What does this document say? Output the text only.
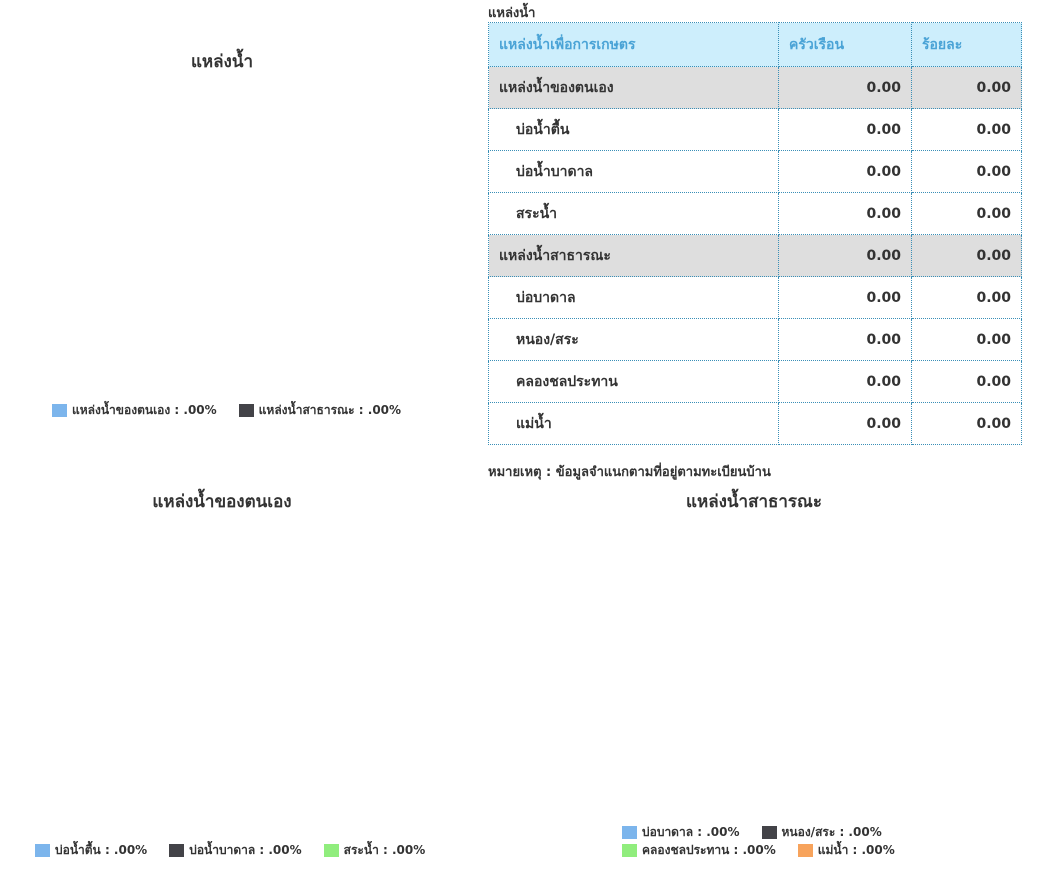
แหล่งน้ำ
แหล่งน้ำของตนเอง : .00%	แหล่งน้ำสาธารณะ : .00%
แหล่งน้ำของตนเอง
บ่อน้ำตื้น : .00%	บ่อน้ำบาดาล : .00%	สระน้ำ : .00%
แหล่งน้ำสาธารณะ
บ่อบาดาล : .00%	หนอง/สระ : .00%
คลองชลประทาน : .00%	แม่น้ำ : .00%
แหล่งน้ำ
แหล่งน้ำเพื่อการเกษตร	ครัวเรือน	ร้อยละ
แหล่งน้ำของตนเอง	0.00	0.00
บ่อน้ำตื้น	0.00	0.00
บ่อน้ำบาดาล	0.00	0.00
สระน้ำ	0.00	0.00
แหล่งน้ำสาธารณะ	0.00	0.00
บ่อบาดาล	0.00	0.00
หนอง/สระ	0.00	0.00
คลองชลประทาน	0.00	0.00
แม่น้ำ	0.00	0.00
หมายเหตุ : ข้อมูลจำแนกตามที่อยู่ตามทะเบียนบ้าน
